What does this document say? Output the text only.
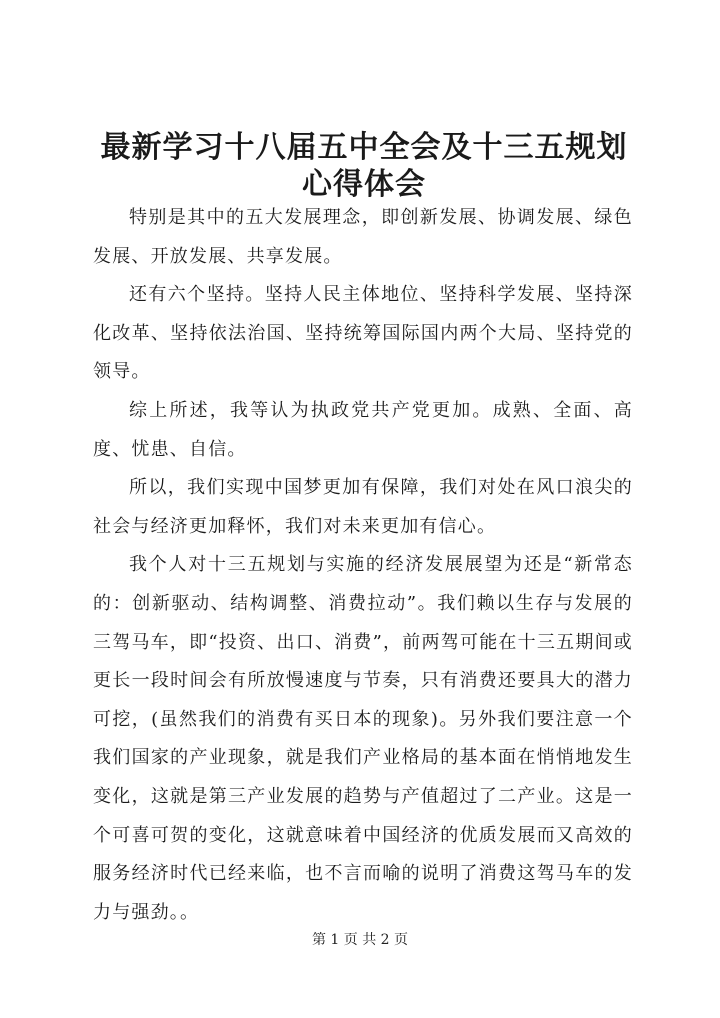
最新学习十八届五中全会及十三五规划心得体会

特别是其中的五大发展理念，即创新发展、协调发展、绿色发展、开放发展、共享发展。

还有六个坚持。坚持人民主体地位、坚持科学发展、坚持深化改革、坚持依法治国、坚持统筹国际国内两个大局、坚持党的领导。

综上所述，我等认为执政党共产党更加。成熟、全面、高度、忧患、自信。

所以，我们实现中国梦更加有保障，我们对处在风口浪尖的社会与经济更加释怀，我们对未来更加有信心。

我个人对十三五规划与实施的经济发展展望为还是“新常态的：创新驱动、结构调整、消费拉动”。我们赖以生存与发展的三驾马车，即“投资、出口、消费”，前两驾可能在十三五期间或更长一段时间会有所放慢速度与节奏，只有消费还要具大的潜力可挖，(虽然我们的消费有买日本的现象)。另外我们要注意一个我们国家的产业现象，就是我们产业格局的基本面在悄悄地发生变化，这就是第三产业发展的趋势与产值超过了二产业。这是一个可喜可贺的变化，这就意味着中国经济的优质发展而又高效的服务经济时代已经来临，也不言而喻的说明了消费这驾马车的发力与强劲。。

第 1 页 共 2 页
